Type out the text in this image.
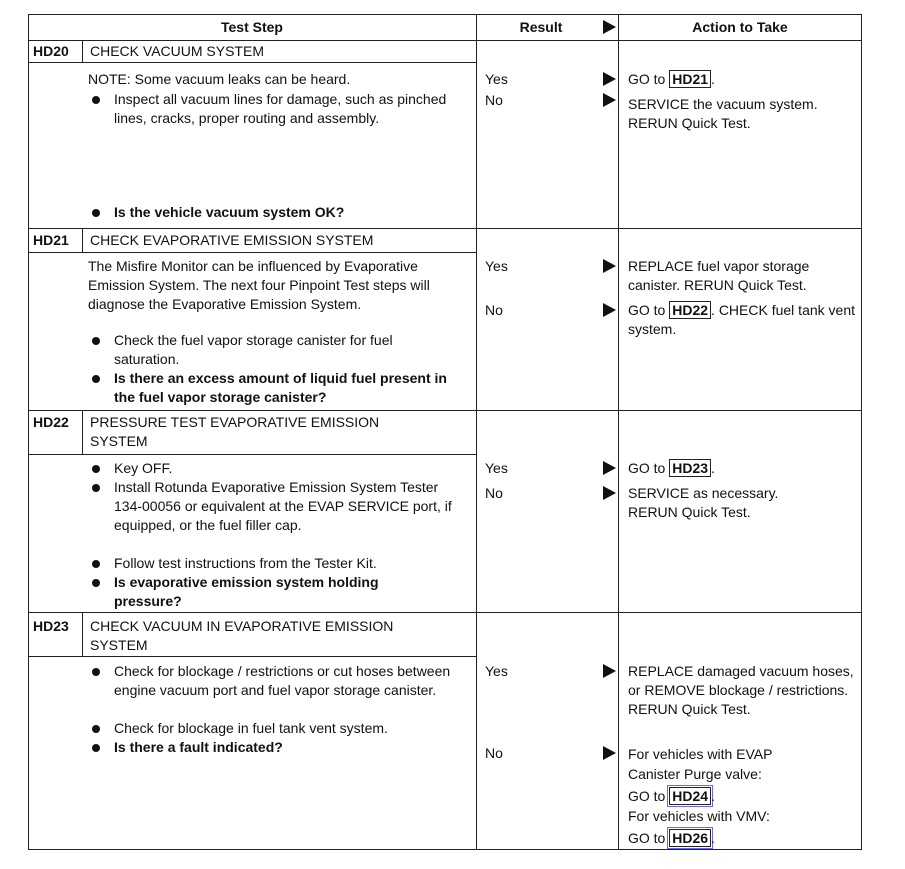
Test Step	Result	Action to Take
HD20 CHECK VACUUM SYSTEM
NOTE: Some vacuum leaks can be heard.
Inspect all vacuum lines for damage, such as pinched lines, cracks, proper routing and assembly.
Is the vehicle vacuum system OK?
Yes
No
GO to HD21 .
SERVICE the vacuum system. RERUN Quick Test.
HD21 CHECK EVAPORATIVE EMISSION SYSTEM
The Misfire Monitor can be influenced by Evaporative Emission System. The next four Pinpoint Test steps will diagnose the Evaporative Emission System.
Check the fuel vapor storage canister for fuel saturation.
Is there an excess amount of liquid fuel present in the fuel vapor storage canister?
Yes
No
REPLACE fuel vapor storage canister. RERUN Quick Test.
GO to HD22 . CHECK fuel tank vent system.
HD22 PRESSURE TEST EVAPORATIVE EMISSION SYSTEM
Key OFF.
Install Rotunda Evaporative Emission System Tester 134-00056 or equivalent at the EVAP SERVICE port, if equipped, or the fuel filler cap.
Follow test instructions from the Tester Kit.
Is evaporative emission system holding pressure?
Yes
No
GO to HD23 .
SERVICE as necessary. RERUN Quick Test.
HD23 CHECK VACUUM IN EVAPORATIVE EMISSION SYSTEM
Check for blockage / restrictions or cut hoses between engine vacuum port and fuel vapor storage canister.
Check for blockage in fuel tank vent system.
Is there a fault indicated?
Yes
No
REPLACE damaged vacuum hoses, or REMOVE blockage / restrictions. RERUN Quick Test.
For vehicles with EVAP Canister Purge valve:
GO to HD24 .
For vehicles with VMV:
GO to HD26 .
